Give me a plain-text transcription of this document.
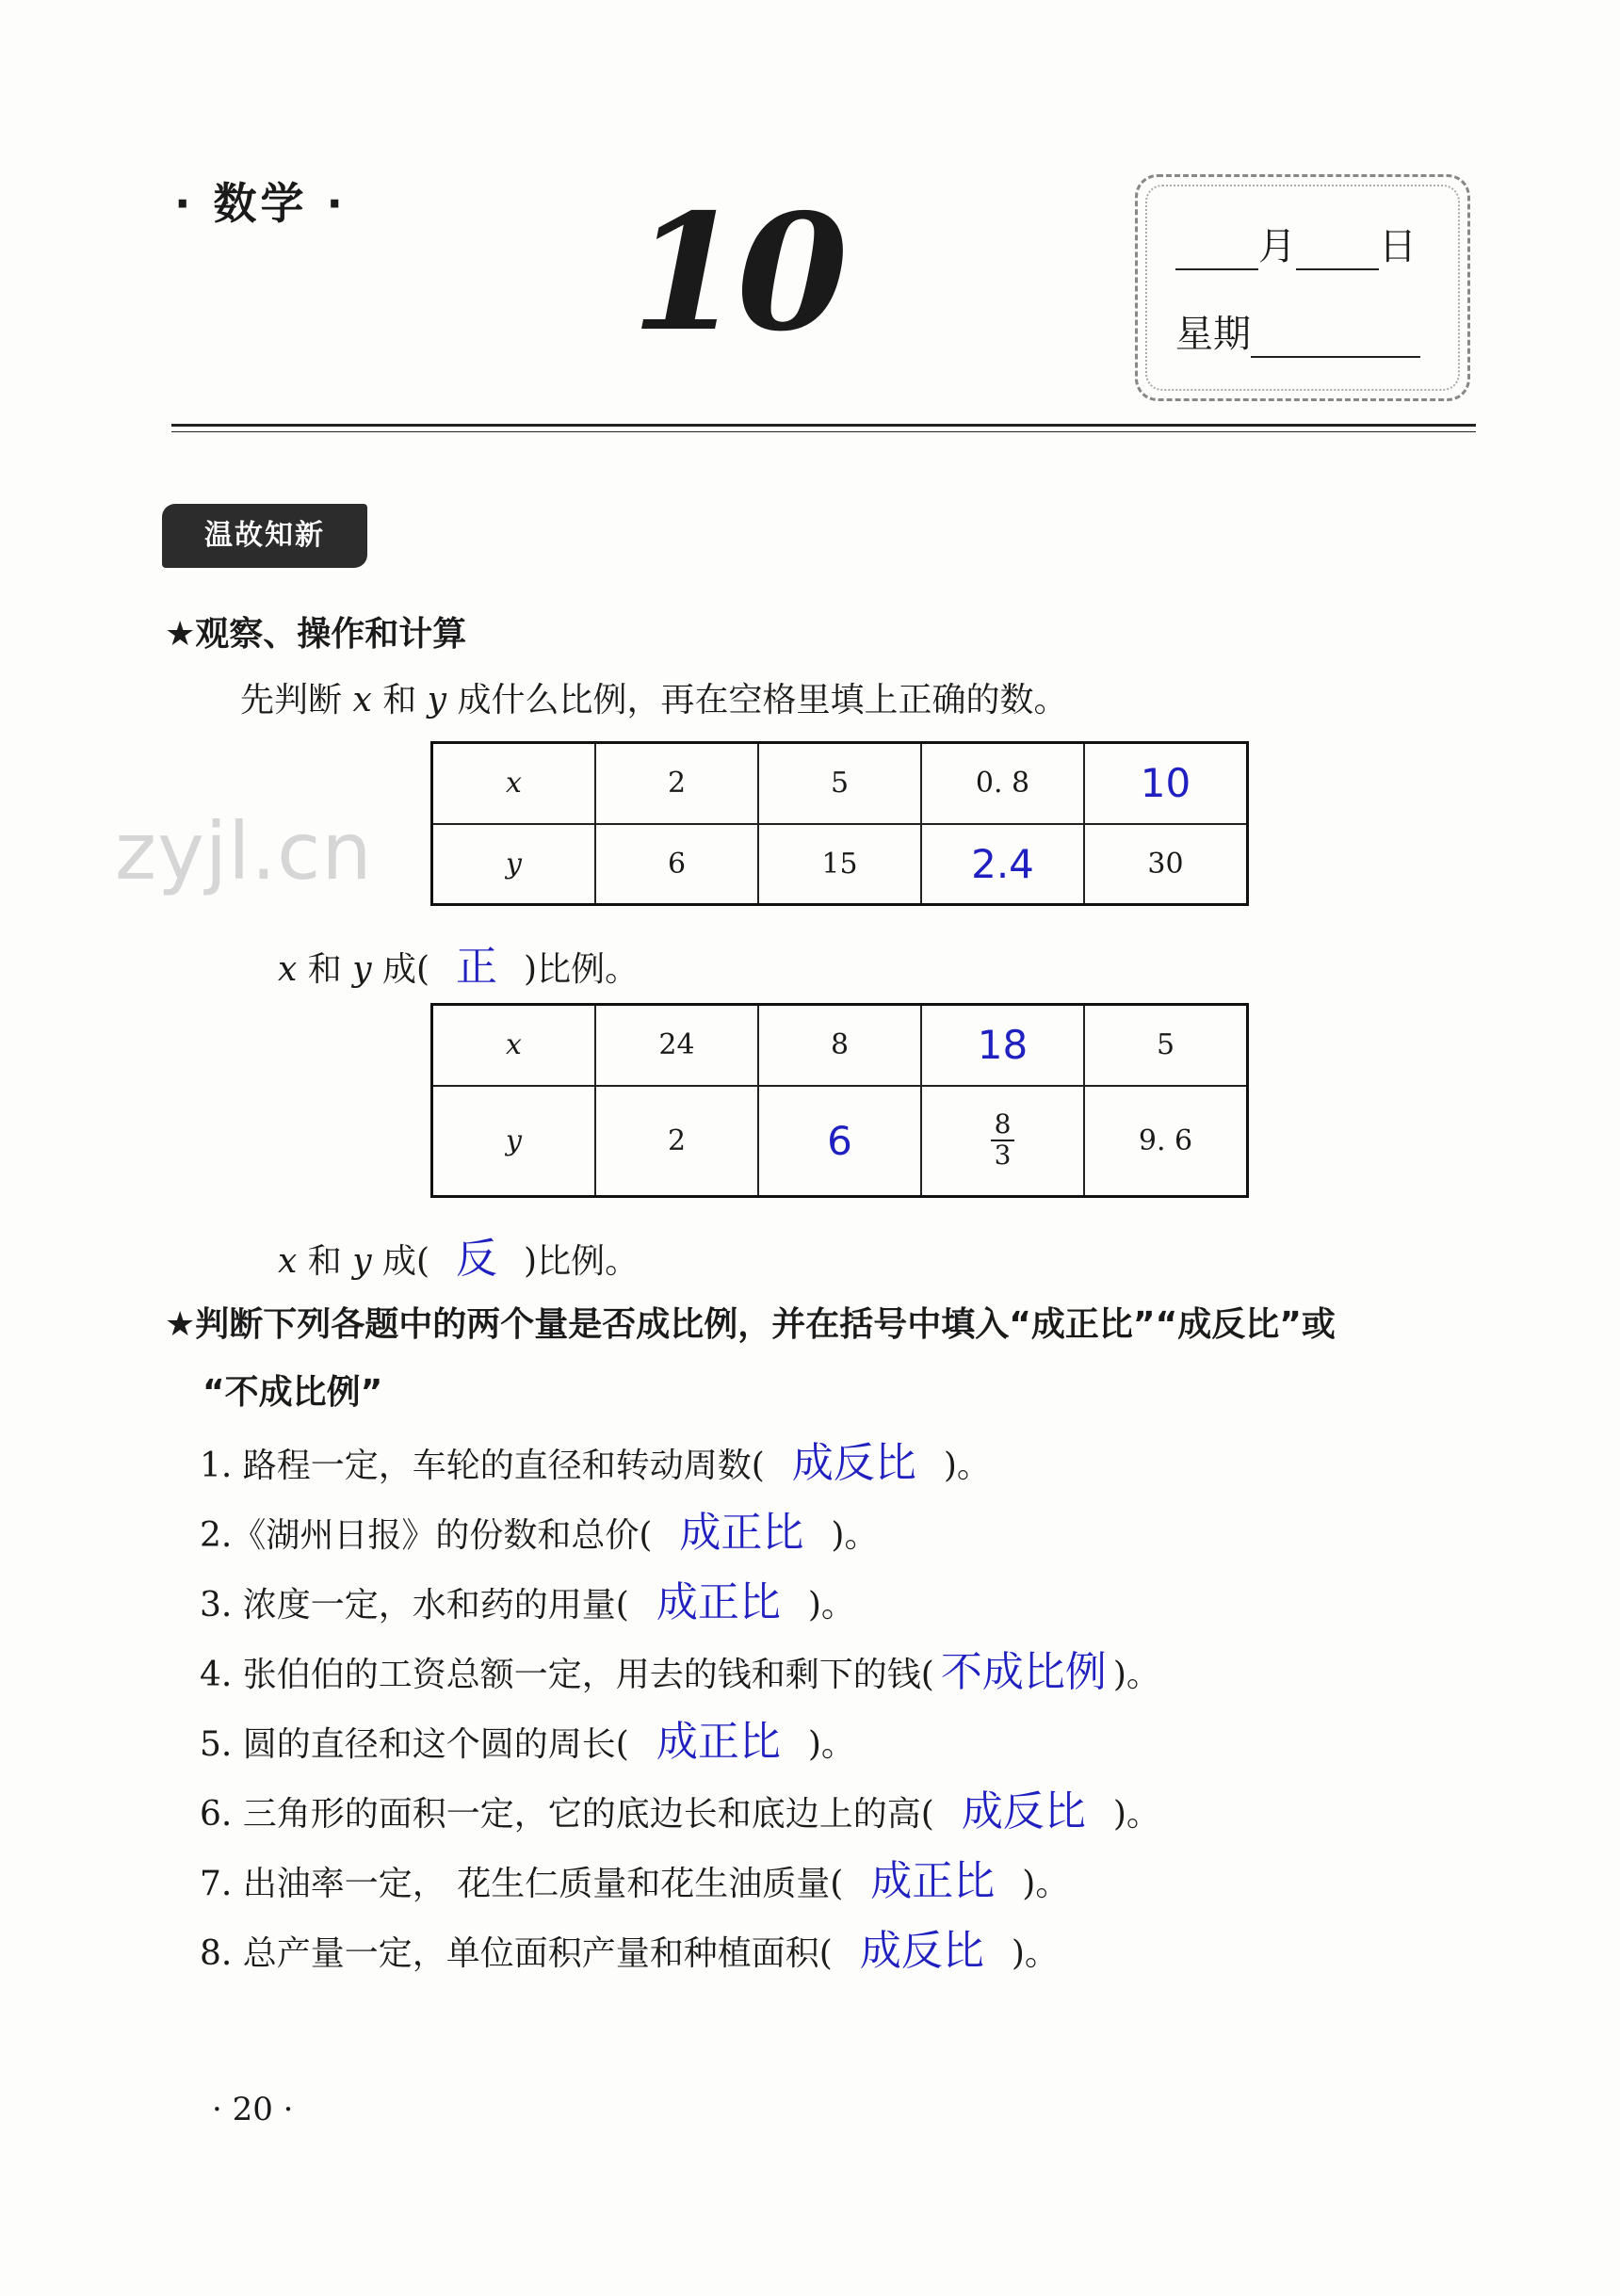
· 数学 · 10	月 日
星期
温故知新
zyjl.cn
★观察、操作和计算
先判断 x 和 y 成什么比例，再在空格里填上正确的数。
x	2	5	0. 8	10
y	6	15	2.4	30
x 和 y 成( 正 )比例。
x	24	8	18	5
y	2	6	$\frac{8}{3}$	9. 6
x 和 y 成( 反 )比例。
★判断下列各题中的两个量是否成比例，并在括号中填入“成正比”“成反比”或
“不成比例”
1. 路程一定，车轮的直径和转动周数( 成反比 )。
2.《湖州日报》的份数和总价( 成正比 )。
3. 浓度一定，水和药的用量( 成正比 )。
4. 张伯伯的工资总额一定，用去的钱和剩下的钱( 不成比例 )。
5. 圆的直径和这个圆的周长( 成正比 )。
6. 三角形的面积一定，它的底边长和底边上的高( 成反比 )。
7. 出油率一定， 花生仁质量和花生油质量( 成正比 )。
8. 总产量一定，单位面积产量和种植面积( 成反比 )。
· 20 ·
